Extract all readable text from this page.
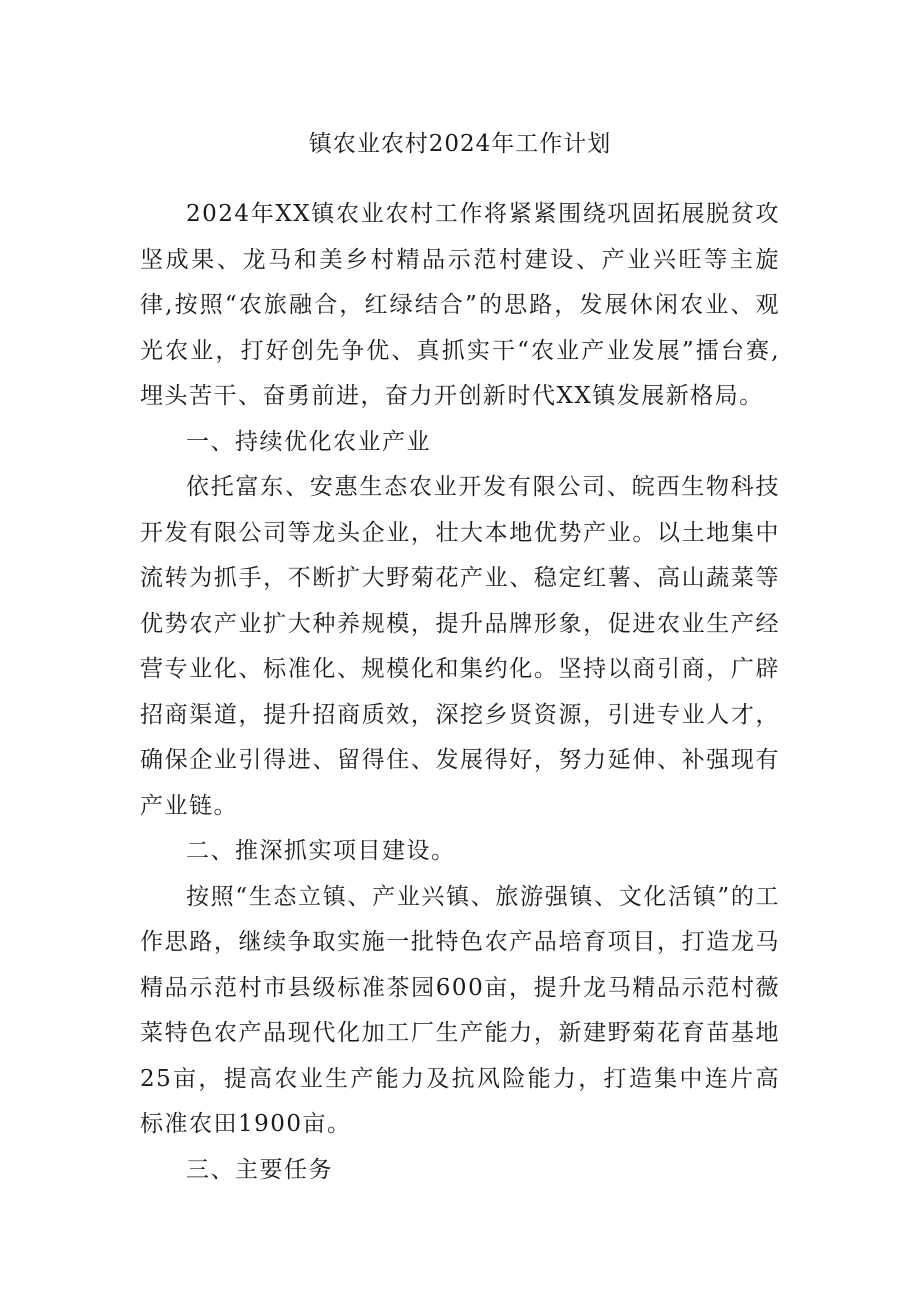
镇农业农村2024年工作计划

2024年XX镇农业农村工作将紧紧围绕巩固拓展脱贫攻坚成果、龙马和美乡村精品示范村建设、产业兴旺等主旋律,按照“农旅融合，红绿结合”的思路，发展休闲农业、观光农业，打好创先争优、真抓实干“农业产业发展”擂台赛,埋头苦干、奋勇前进，奋力开创新时代XX镇发展新格局。

一、持续优化农业产业

依托富东、安惠生态农业开发有限公司、皖西生物科技开发有限公司等龙头企业，壮大本地优势产业。以土地集中流转为抓手，不断扩大野菊花产业、稳定红薯、高山蔬菜等优势农产业扩大种养规模，提升品牌形象，促进农业生产经营专业化、标准化、规模化和集约化。坚持以商引商，广辟招商渠道，提升招商质效，深挖乡贤资源，引进专业人才，确保企业引得进、留得住、发展得好，努力延伸、补强现有产业链。

二、推深抓实项目建设。

按照“生态立镇、产业兴镇、旅游强镇、文化活镇”的工作思路，继续争取实施一批特色农产品培育项目，打造龙马精品示范村市县级标准茶园600亩，提升龙马精品示范村薇菜特色农产品现代化加工厂生产能力，新建野菊花育苗基地25亩，提高农业生产能力及抗风险能力，打造集中连片高标准农田1900亩。

三、主要任务
